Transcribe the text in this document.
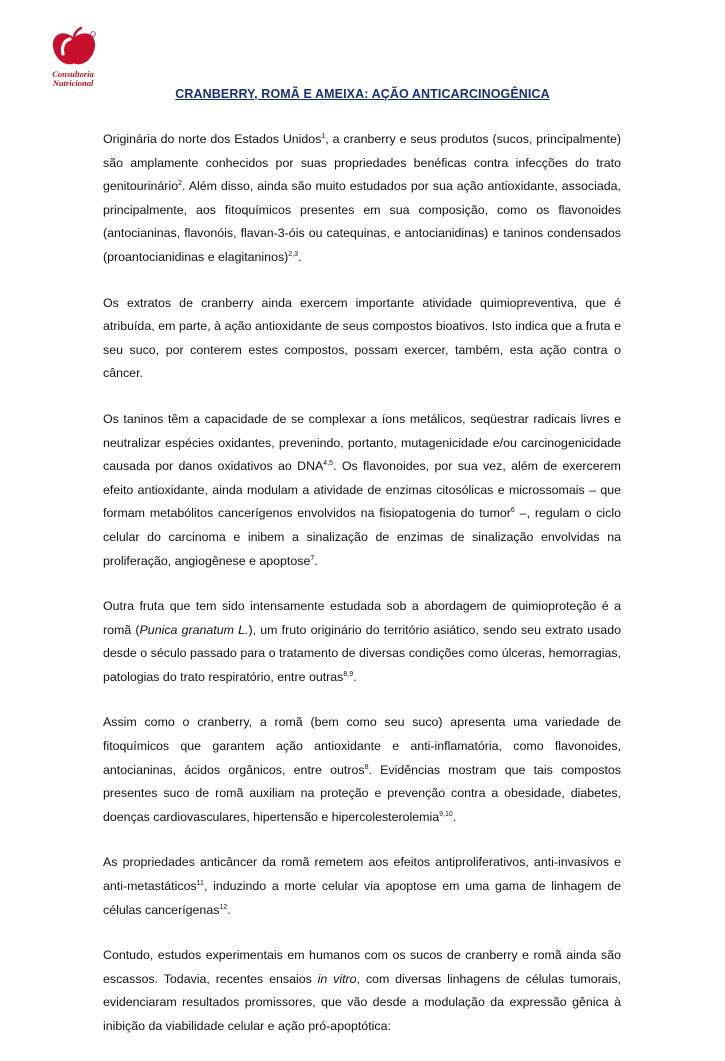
Consultoria
Nutricional
CRANBERRY, ROMÃ E AMEIXA: AÇÃO ANTICARCINOGÊNICA

Originária do norte dos Estados Unidos$^1$, a cranberry e seus produtos (sucos, principalmente) são amplamente conhecidos por suas propriedades benéficas contra infecções do trato genitourinário$^2$. Além disso, ainda são muito estudados por sua ação antioxidante, associada, principalmente, aos fitoquímicos presentes em sua composição, como os flavonoides (antocianinas, flavonóis, flavan-3-óis ou catequinas, e antocianidinas) e taninos condensados (proantocianidinas e elagitaninos)$^{2,3}$.

Os extratos de cranberry ainda exercem importante atividade quimiopreventiva, que é atribuída, em parte, à ação antioxidante de seus compostos bioativos. Isto indica que a fruta e seu suco, por conterem estes compostos, possam exercer, também, esta ação contra o câncer.

Os taninos têm a capacidade de se complexar a íons metálicos, seqüestrar radicais livres e neutralizar espécies oxidantes, prevenindo, portanto, mutagenicidade e/ou carcinogenicidade causada por danos oxidativos ao DNA$^{4,5}$. Os flavonoides, por sua vez, além de exercerem efeito antioxidante, ainda modulam a atividade de enzimas citosólicas e microssomais – que formam metabólitos cancerígenos envolvidos na fisiopatogenia do tumor$^6$ –, regulam o ciclo celular do carcinoma e inibem a sinalização de enzimas de sinalização envolvidas na proliferação, angiogênese e apoptose$^7$.

Outra fruta que tem sido intensamente estudada sob a abordagem de quimioproteção é a romã (Punica granatum L.), um fruto originário do território asiático, sendo seu extrato usado desde o século passado para o tratamento de diversas condições como úlceras, hemorragias, patologias do trato respiratório, entre outras$^{8,9}$.

Assim como o cranberry, a romã (bem como seu suco) apresenta uma variedade de fitoquímicos que garantem ação antioxidante e anti-inflamatória, como flavonoides, antocianinas, ácidos orgânicos, entre outros$^8$. Evidências mostram que tais compostos presentes suco de romã auxiliam na proteção e prevenção contra a obesidade, diabetes, doenças cardiovasculares, hipertensão e hipercolesterolemia$^{9,10}$.

As propriedades anticâncer da romã remetem aos efeitos antiproliferativos, anti-invasivos e anti-metastáticos$^{11}$, induzindo a morte celular via apoptose em uma gama de linhagem de células cancerígenas$^{12}$.

Contudo, estudos experimentais em humanos com os sucos de cranberry e romã ainda são escassos. Todavia, recentes ensaios in vitro, com diversas linhagens de células tumorais, evidenciaram resultados promissores, que vão desde a modulação da expressão gênica à inibição da viabilidade celular e ação pró-apoptótica:
